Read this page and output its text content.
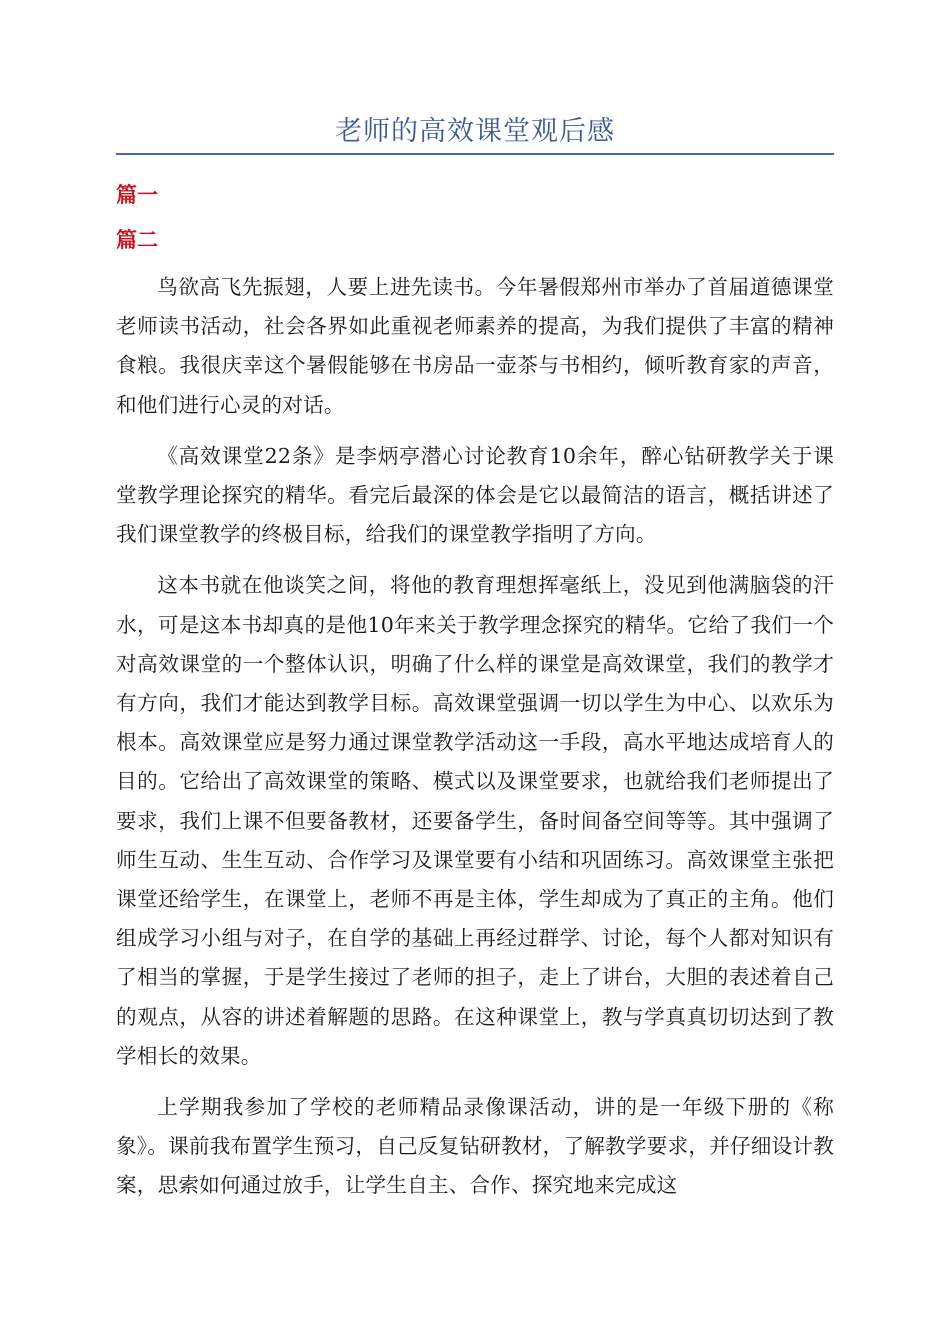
老师的高效课堂观后感
篇一
篇二

鸟欲高飞先振翅，人要上进先读书。今年暑假郑州市举办了首届道德课堂老师读书活动，社会各界如此重视老师素养的提高，为我们提供了丰富的精神食粮。我很庆幸这个暑假能够在书房品一壶茶与书相约，倾听教育家的声音，和他们进行心灵的对话。

《高效课堂22条》是李炳亭潜心讨论教育10余年，醉心钻研教学关于课堂教学理论探究的精华。看完后最深的体会是它以最简洁的语言，概括讲述了我们课堂教学的终极目标，给我们的课堂教学指明了方向。

这本书就在他谈笑之间，将他的教育理想挥毫纸上，没见到他满脑袋的汗水，可是这本书却真的是他10年来关于教学理念探究的精华。它给了我们一个对高效课堂的一个整体认识，明确了什么样的课堂是高效课堂，我们的教学才有方向，我们才能达到教学目标。高效课堂强调一切以学生为中心、以欢乐为根本。高效课堂应是努力通过课堂教学活动这一手段，高水平地达成培育人的目的。它给出了高效课堂的策略、模式以及课堂要求，也就给我们老师提出了要求，我们上课不但要备教材，还要备学生，备时间备空间等等。其中强调了师生互动、生生互动、合作学习及课堂要有小结和巩固练习。高效课堂主张把课堂还给学生，在课堂上，老师不再是主体，学生却成为了真正的主角。他们组成学习小组与对子，在自学的基础上再经过群学、讨论，每个人都对知识有了相当的掌握，于是学生接过了老师的担子，走上了讲台，大胆的表述着自己的观点，从容的讲述着解题的思路。在这种课堂上，教与学真真切切达到了教学相长的效果。

上学期我参加了学校的老师精品录像课活动，讲的是一年级下册的《称象》。课前我布置学生预习，自己反复钻研教材，了解教学要求，并仔细设计教案，思索如何通过放手，让学生自主、合作、探究地来完成这
